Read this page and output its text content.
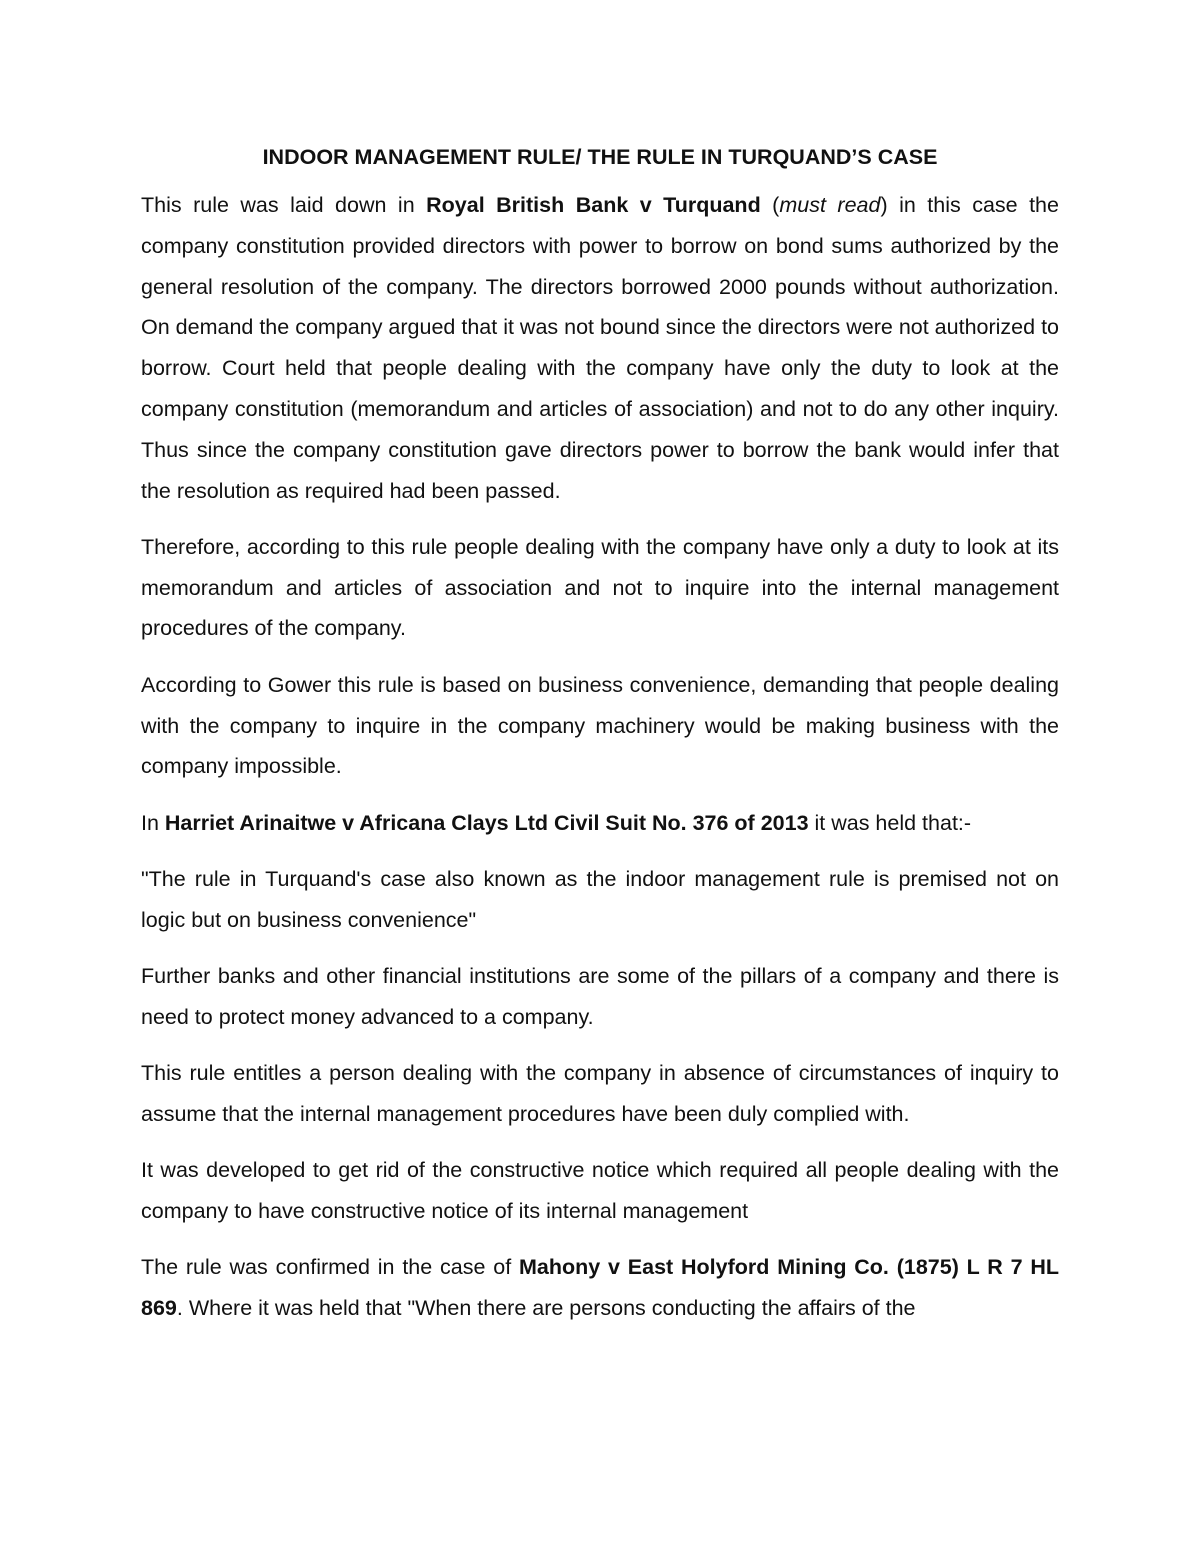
INDOOR MANAGEMENT RULE/ THE RULE IN TURQUAND’S CASE

This rule was laid down in Royal British Bank v Turquand (must read) in this case the company constitution provided directors with power to borrow on bond sums authorized by the general resolution of the company. The directors borrowed 2000 pounds without authorization. On demand the company argued that it was not bound since the directors were not authorized to borrow. Court held that people dealing with the company have only the duty to look at the company constitution (memorandum and articles of association) and not to do any other inquiry. Thus since the company constitution gave directors power to borrow the bank would infer that the resolution as required had been passed.

Therefore, according to this rule people dealing with the company have only a duty to look at its memorandum and articles of association and not to inquire into the internal management procedures of the company.

According to Gower this rule is based on business convenience, demanding that people dealing with the company to inquire in the company machinery would be making business with the company impossible.

In Harriet Arinaitwe v Africana Clays Ltd Civil Suit No. 376 of 2013 it was held that:-

"The rule in Turquand's case also known as the indoor management rule is premised not on logic but on business convenience"

Further banks and other financial institutions are some of the pillars of a company and there is need to protect money advanced to a company.

This rule entitles a person dealing with the company in absence of circumstances of inquiry to assume that the internal management procedures have been duly complied with.

It was developed to get rid of the constructive notice which required all people dealing with the company to have constructive notice of its internal management

The rule was confirmed in the case of Mahony v East Holyford Mining Co. (1875) L R 7 HL 869. Where it was held that "When there are persons conducting the affairs of the
